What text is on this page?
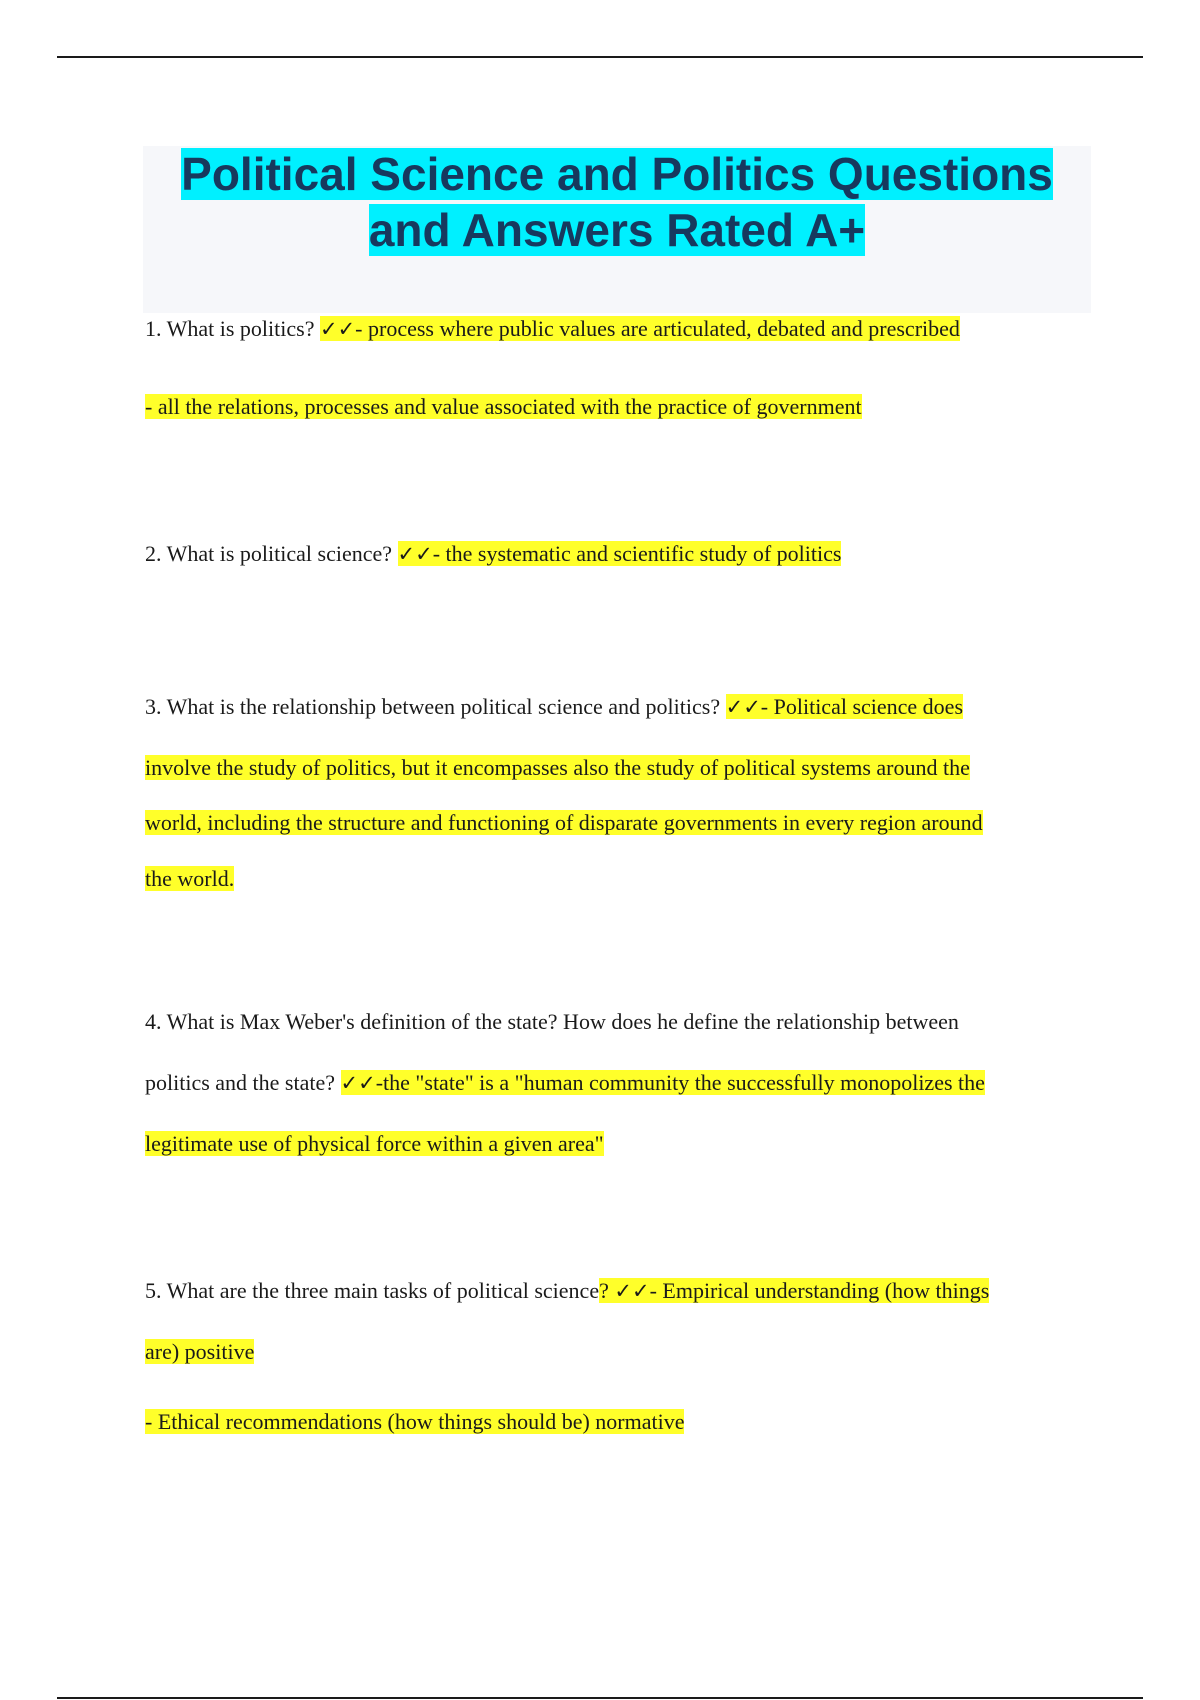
Political Science and Politics Questions
and Answers Rated A+
1. What is politics? ✓✓- process where public values are articulated, debated and prescribed
- all the relations, processes and value associated with the practice of government
2. What is political science? ✓✓- the systematic and scientific study of politics
3. What is the relationship between political science and politics? ✓✓- Political science does
involve the study of politics, but it encompasses also the study of political systems around the
world, including the structure and functioning of disparate governments in every region around
the world.
4. What is Max Weber's definition of the state? How does he define the relationship between
politics and the state? ✓✓-the "state" is a "human community the successfully monopolizes the
legitimate use of physical force within a given area"
5. What are the three main tasks of political science? ✓✓- Empirical understanding (how things
are) positive
- Ethical recommendations (how things should be) normative
